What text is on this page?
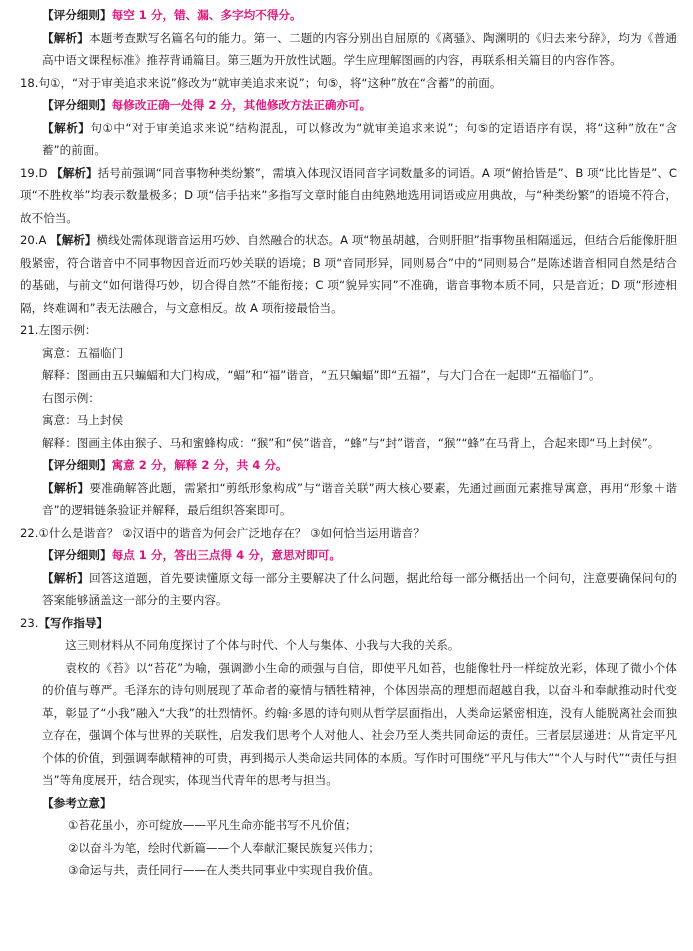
【评分细则】每空 1 分，错、漏、多字均不得分。
【解析】本题考查默写名篇名句的能力。第一、二题的内容分别出自屈原的《离骚》、陶渊明的《归去来兮辞》，均为《普通高中语文课程标准》推荐背诵篇目。第三题为开放性试题。学生应理解图画的内容，再联系相关篇目的内容作答。
18.句①，“对于审美追求来说”修改为“就审美追求来说”；句⑤，将“这种”放在“含蓄”的前面。
【评分细则】每修改正确一处得 2 分，其他修改方法正确亦可。
【解析】句①中“对于审美追求来说”结构混乱，可以修改为“就审美追求来说”；句⑤的定语语序有误，将“这种”放在“含蓄”的前面。
19.D 【解析】括号前强调“同音事物种类纷繁”，需填入体现汉语同音字词数量多的词语。A 项“俯拾皆是”、B 项“比比皆是”、C 项“不胜枚举”均表示数量极多；D 项“信手拈来”多指写文章时能自由纯熟地选用词语或应用典故，与“种类纷繁”的语境不符合，故不恰当。
20.A 【解析】横线处需体现谐音运用巧妙、自然融合的状态。A 项“物虽胡越，合则肝胆”指事物虽相隔遥远，但结合后能像肝胆般紧密，符合谐音中不同事物因音近而巧妙关联的语境；B 项“音同形异，同则易合”中的“同则易合”是陈述谐音相同自然是结合的基础，与前文“如何谐得巧妙，切合得自然”不能衔接；C 项“貌异实同”不准确，谐音事物本质不同，只是音近；D 项“形迹相隔，终难调和”表无法融合，与文意相反。故 A 项衔接最恰当。
21.左图示例：
寓意：五福临门
解释：图画由五只蝙蝠和大门构成，“蝠”和“福”谐音，“五只蝙蝠”即“五福”，与大门合在一起即“五福临门”。
右图示例：
寓意：马上封侯
解释：图画主体由猴子、马和蜜蜂构成：“猴”和“侯”谐音，“蜂”与“封”谐音，“猴”“蜂”在马背上，合起来即“马上封侯”。
【评分细则】寓意 2 分，解释 2 分，共 4 分。
【解析】要准确解答此题，需紧扣“剪纸形象构成”与“谐音关联”两大核心要素，先通过画面元素推导寓意，再用“形象＋谐音”的逻辑链条验证并解释，最后组织答案即可。
22.①什么是谐音？ ②汉语中的谐音为何会广泛地存在？ ③如何恰当运用谐音？
【评分细则】每点 1 分，答出三点得 4 分，意思对即可。
【解析】回答这道题，首先要读懂原文每一部分主要解决了什么问题，据此给每一部分概括出一个问句，注意要确保问句的答案能够涵盖这一部分的主要内容。
23.【写作指导】
这三则材料从不同角度探讨了个体与时代、个人与集体、小我与大我的关系。
袁枚的《苔》以“苔花”为喻，强调渺小生命的顽强与自信，即使平凡如苔，也能像牡丹一样绽放光彩，体现了微小个体的价值与尊严。毛泽东的诗句则展现了革命者的豪情与牺牲精神，个体因崇高的理想而超越自我，以奋斗和奉献推动时代变革，彰显了“小我”融入“大我”的壮烈情怀。约翰·多恩的诗句则从哲学层面指出，人类命运紧密相连，没有人能脱离社会而独立存在，强调个体与世界的关联性，启发我们思考个人对他人、社会乃至人类共同命运的责任。三者层层递进：从肯定平凡个体的价值，到强调奉献精神的可贵，再到揭示人类命运共同体的本质。写作时可围绕“平凡与伟大”“个人与时代”“责任与担当”等角度展开，结合现实，体现当代青年的思考与担当。
【参考立意】
①苔花虽小，亦可绽放——平凡生命亦能书写不凡价值；
②以奋斗为笔，绘时代新篇——个人奉献汇聚民族复兴伟力；
③命运与共，责任同行——在人类共同事业中实现自我价值。
